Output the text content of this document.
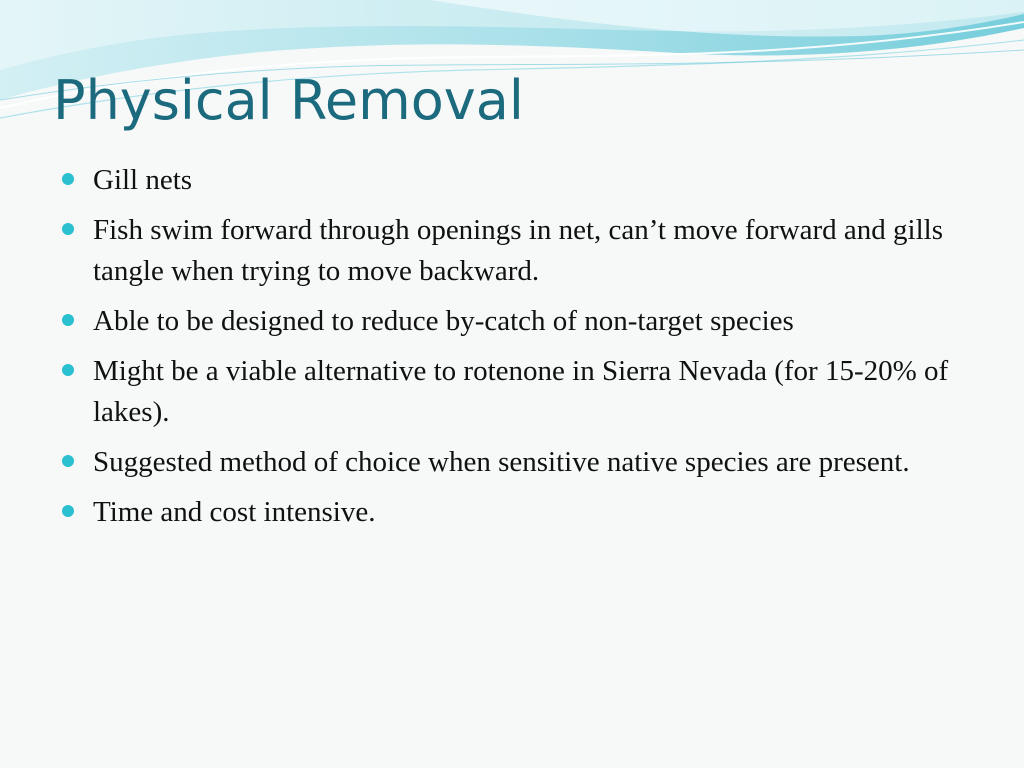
Physical Removal
Gill nets
Fish swim forward through openings in net, can’t move forward and gills tangle when trying to move backward.
Able to be designed to reduce by-catch of non-target species
Might be a viable alternative to rotenone in Sierra Nevada (for 15-20% of lakes).
Suggested method of choice when sensitive native species are present.
Time and cost intensive.
